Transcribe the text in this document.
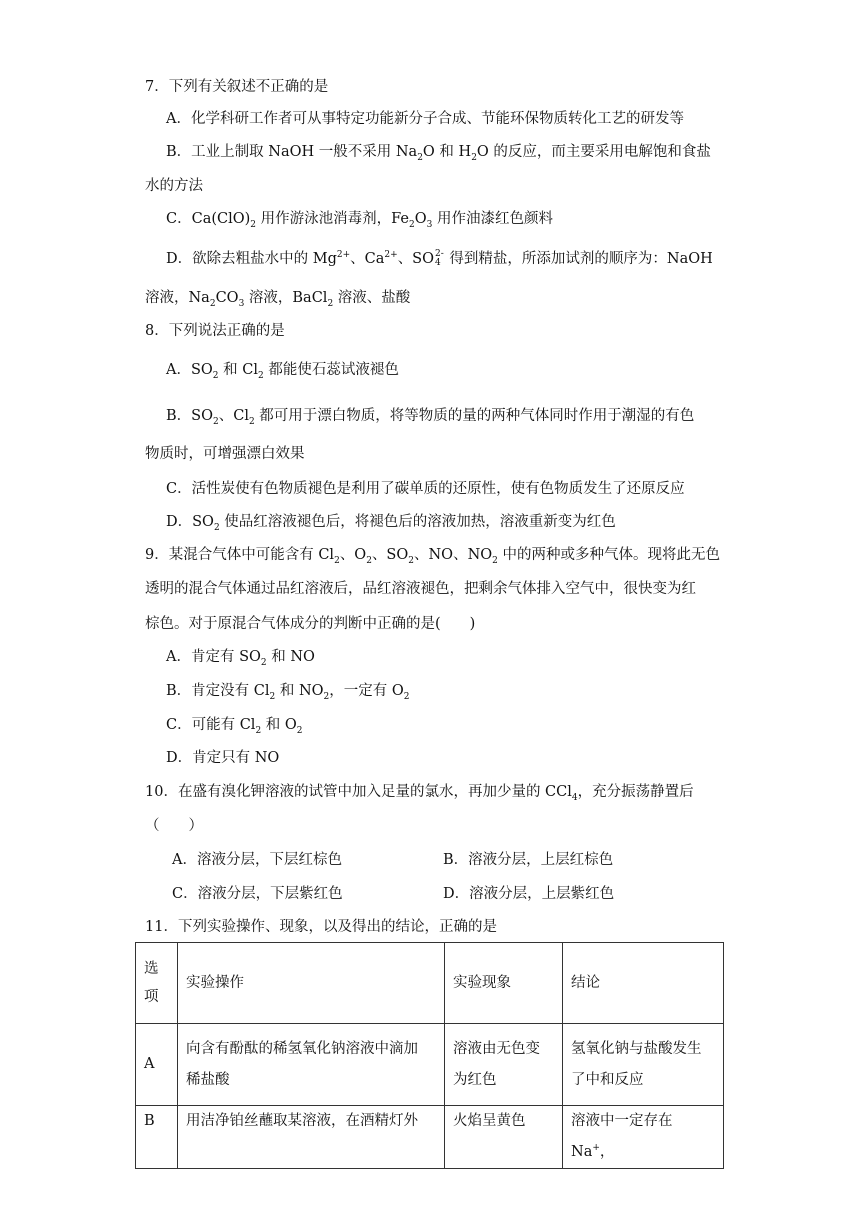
7．下列有关叙述不正确的是
A．化学科研工作者可从事特定功能新分子合成、节能环保物质转化工艺的研发等
B．工业上制取 NaOH 一般不采用 $Na_2O$ 和 $H_2O$ 的反应，而主要采用电解饱和食盐
水的方法
C．$Ca(ClO)_2$ 用作游泳池消毒剂，$Fe_2O_3$ 用作油漆红色颜料
D．欲除去粗盐水中的 $Mg^{2+}$、$Ca^{2+}$、SO 2-
4 得到精盐，所添加试剂的顺序为：NaOH
溶液，$Na_2CO_3$ 溶液，BaCl$_2$ 溶液、盐酸
8．下列说法正确的是
A．$SO_2$ 和 $Cl_2$ 都能使石蕊试液褪色
B．$SO_2$、$Cl_2$ 都可用于漂白物质，将等物质的量的两种气体同时作用于潮湿的有色
物质时，可增强漂白效果
C．活性炭使有色物质褪色是利用了碳单质的还原性，使有色物质发生了还原反应
D．$SO_2$ 使品红溶液褪色后，将褪色后的溶液加热，溶液重新变为红色
9．某混合气体中可能含有 $Cl_2$、$O_2$、$SO_2$、NO、$NO_2$ 中的两种或多种气体。现将此无色
透明的混合气体通过品红溶液后，品红溶液褪色，把剩余气体排入空气中，很快变为红
棕色。对于原混合气体成分的判断中正确的是(　　)
A．肯定有 $SO_2$ 和 NO
B．肯定没有 $Cl_2$ 和 $NO_2$，一定有 $O_2$
C．可能有 $Cl_2$ 和 $O_2$
D．肯定只有 NO
10．在盛有溴化钾溶液的试管中加入足量的氯水，再加少量的 CCl$_4$，充分振荡静置后
（　　）
A．溶液分层，下层红棕色	B．溶液分层，上层红棕色
C．溶液分层，下层紫红色	D．溶液分层，上层紫红色
11．下列实验操作、现象，以及得出的结论，正确的是
选
项	实验操作	实验现象	结论
A	向含有酚酞的稀氢氧化钠溶液中滴加
稀盐酸	溶液由无色变
为红色	氢氧化钠与盐酸发生
了中和反应
B	用洁净铂丝蘸取某溶液，在酒精灯外	火焰呈黄色	溶液中一定存在 Na+，
